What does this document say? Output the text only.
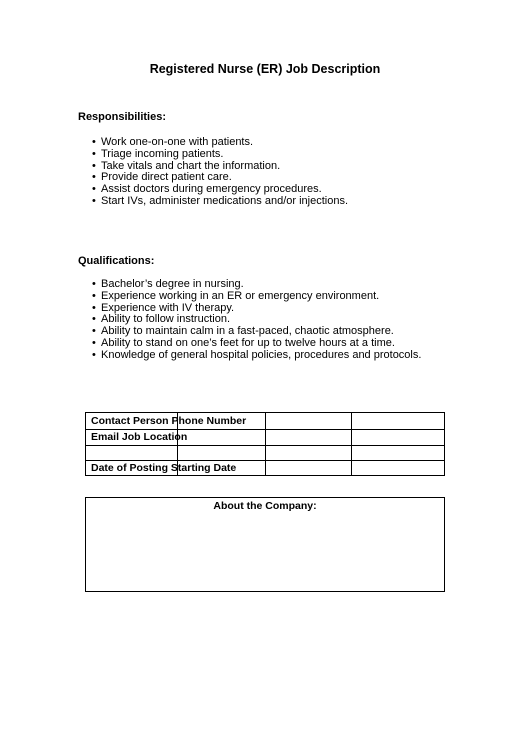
Registered Nurse (ER) Job Description
Responsibilities:
• Work one-on-one with patients.
• Triage incoming patients.
• Take vitals and chart the information.
• Provide direct patient care.
• Assist doctors during emergency procedures.
• Start IVs, administer medications and/or injections.
Qualifications:
• Bachelor’s degree in nursing.
• Experience working in an ER or emergency environment.
• Experience with IV therapy.
• Ability to follow instruction.
• Ability to maintain calm in a fast-paced, chaotic atmosphere.
• Ability to stand on one’s feet for up to twelve hours at a time.
• Knowledge of general hospital policies, procedures and protocols.
Contact Person Phone Number
Email Job Location
Date of Posting Starting Date
About the Company:
